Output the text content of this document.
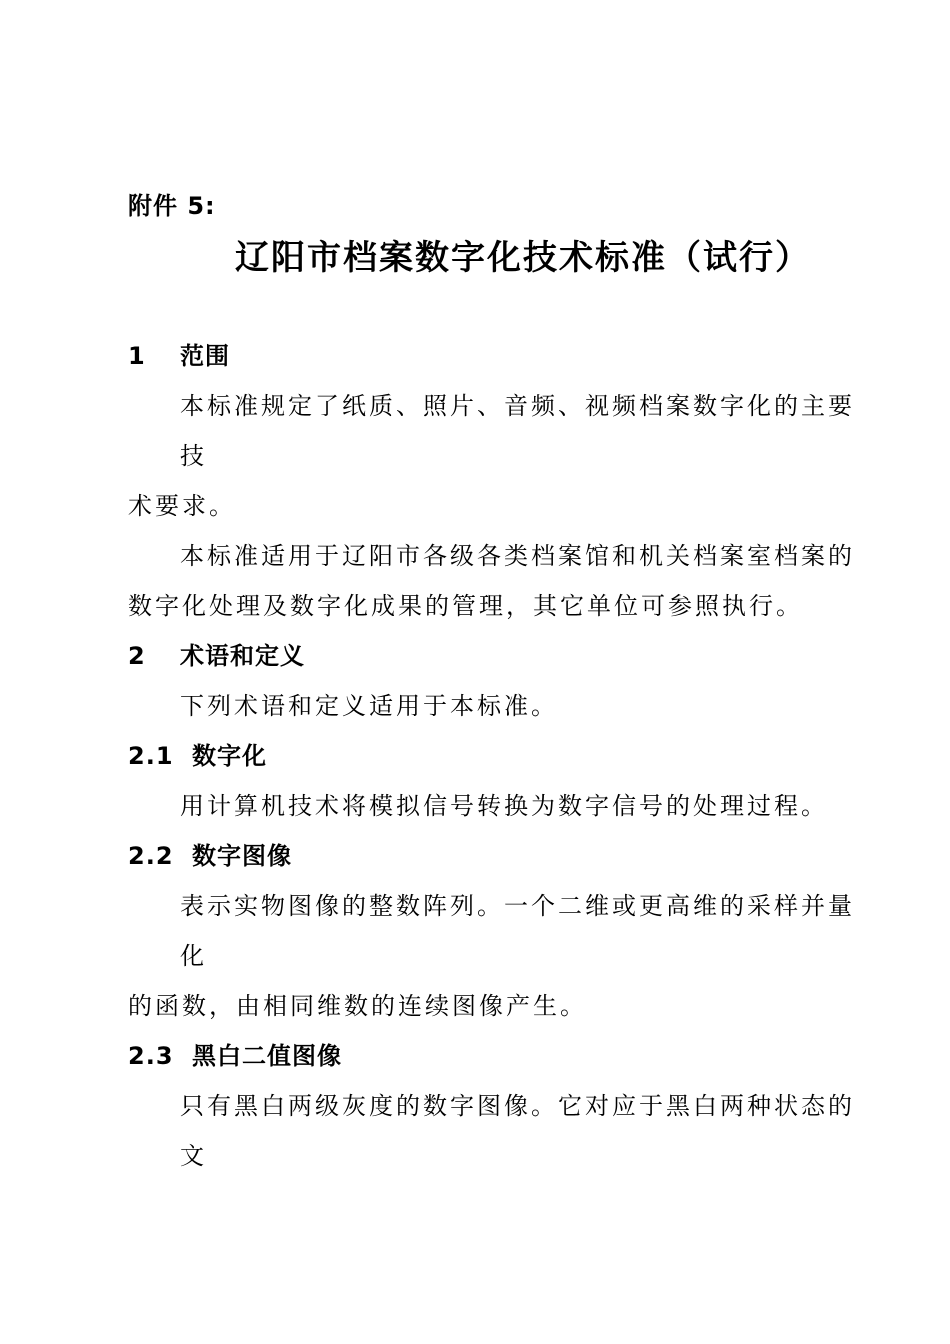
附件 5:
辽阳市档案数字化技术标准（试行）
1 范围
本标准规定了纸质、照片、音频、视频档案数字化的主要
技
术要求。
本标准适用于辽阳市各级各类档案馆和机关档案室档案的
数字化处理及数字化成果的管理，其它单位可参照执行。
2 术语和定义
下列术语和定义适用于本标准。
2.1 数字化
用计算机技术将模拟信号转换为数字信号的处理过程。
2.2 数字图像
表示实物图像的整数阵列。一个二维或更高维的采样并量
化
的函数，由相同维数的连续图像产生。
2.3 黑白二值图像
只有黑白两级灰度的数字图像。它对应于黑白两种状态的
文
